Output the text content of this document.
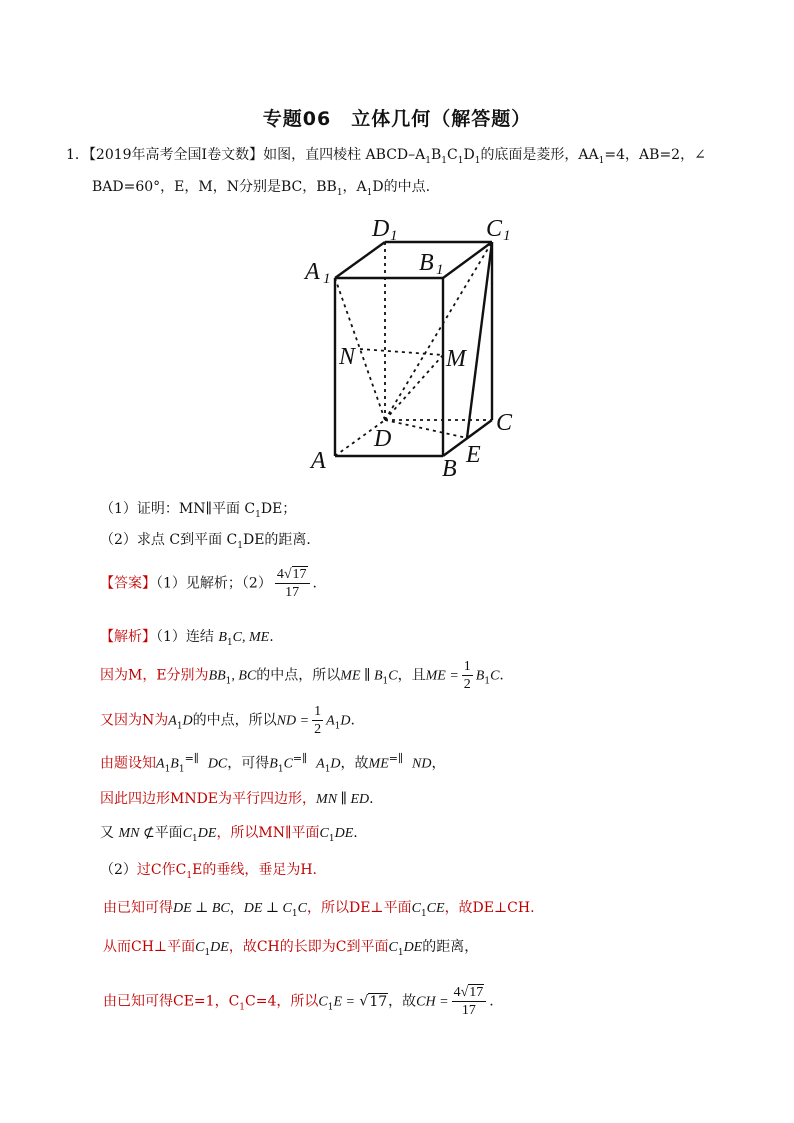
专题06　立体几何（解答题）
1．【2019年高考全国Ⅰ卷文数】如图，直四棱柱 ABCD–$A_1B_1C_1D_1$的底面是菱形，$AA_1=4$，AB=2，∠
BAD=60°，E，M，N分别是BC，$BB_1$，$A_1D$的中点.
D 1	C 1
B 1
A 1
N	M
D
C
A	B
E
（1）证明：MN∥平面 $C_1DE$；
（2）求点 C到平面 $C_1DE$的距离．
【答案】（1）见解析；$(2) \frac{4√17}{17}$ .
【解析】（1）连结 $B_1C$, ME.
因为M，E分别为$BB_1$, BC的中点，所以ME ∥ $B_1C$，且ME = $\frac{1}{2} B_1C$.
又因为N为$A_1D$的中点，所以ND = $\frac{1}{2} A_1D$.
由题设知$A_1B_1^{=\parallel}$ DC，可得$B_1C^{=\parallel}$ $A_1D$，故ME=∥ ND，
因此四边形MNDE为平行四边形，MN ∥ ED.
又 MN ⊄平面$C_1DE$，所以MN∥平面$C_1DE$.
（2）过C作$C_1E$的垂线，垂足为H.
由已知可得DE ⊥ BC，DE ⊥ $C_1C$，所以DE⊥平面$C_1CE$，故DE⊥CH.
从而CH⊥平面$C_1DE$，故CH的长即为C到平面$C_1DE$的距离，
由已知可得CE=1，$C_1C=4$，所以$C_1E = √17$，故CH = $\frac{4√17}{17}$ .
